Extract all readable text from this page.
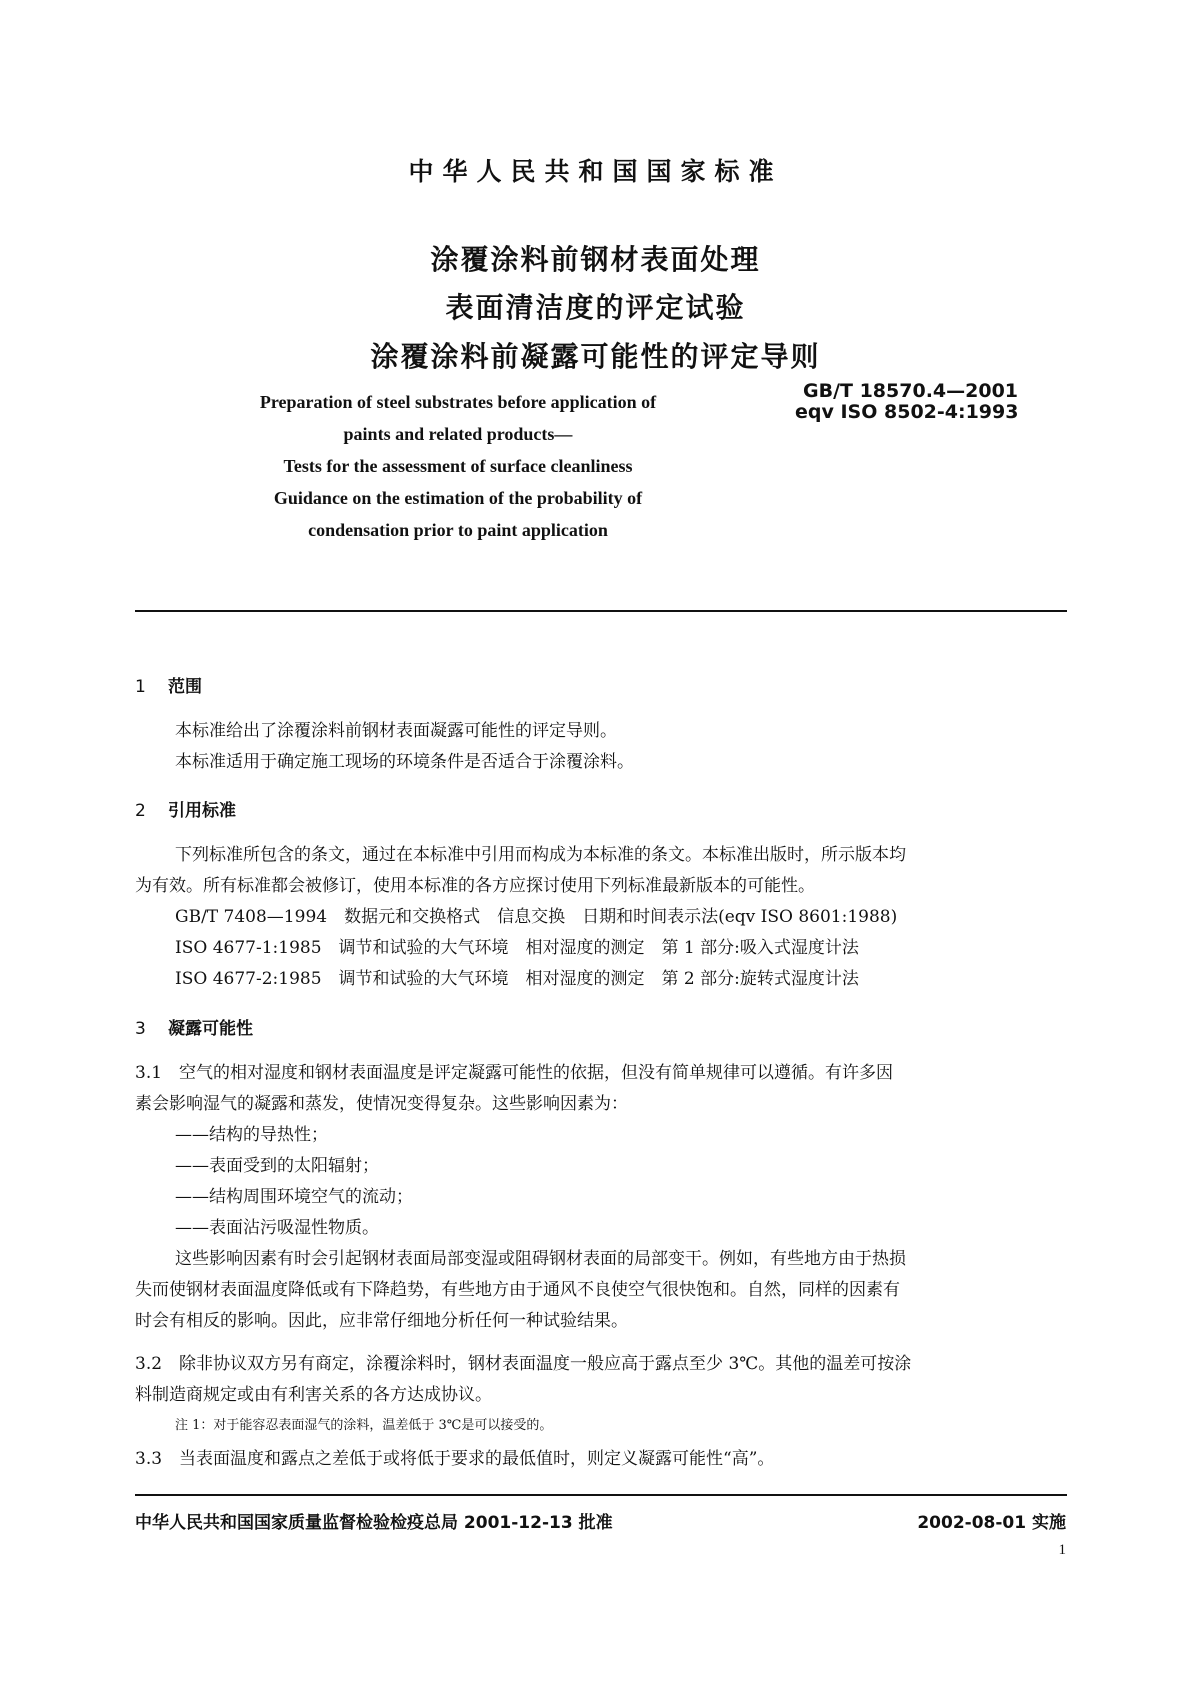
中华人民共和国国家标准
涂覆涂料前钢材表面处理
表面清洁度的评定试验
涂覆涂料前凝露可能性的评定导则
Preparation of steel substrates before application of
paints and related products—
Tests for the assessment of surface cleanliness
Guidance on the estimation of the probability of
condensation prior to paint application
GB/T 18570.4—2001
eqv ISO 8502-4:1993
1 范围
本标准给出了涂覆涂料前钢材表面凝露可能性的评定导则。
本标准适用于确定施工现场的环境条件是否适合于涂覆涂料。
2 引用标准
下列标准所包含的条文，通过在本标准中引用而构成为本标准的条文。本标准出版时，所示版本均
为有效。所有标准都会被修订，使用本标准的各方应探讨使用下列标准最新版本的可能性。
GB/T 7408—1994　数据元和交换格式　信息交换　日期和时间表示法(eqv ISO 8601:1988)
ISO 4677-1:1985　调节和试验的大气环境　相对湿度的测定　第 1 部分:吸入式湿度计法
ISO 4677-2:1985　调节和试验的大气环境　相对湿度的测定　第 2 部分:旋转式湿度计法
3 凝露可能性
3.1　空气的相对湿度和钢材表面温度是评定凝露可能性的依据，但没有简单规律可以遵循。有许多因
素会影响湿气的凝露和蒸发，使情况变得复杂。这些影响因素为：
——结构的导热性；
——表面受到的太阳辐射；
——结构周围环境空气的流动；
——表面沾污吸湿性物质。
这些影响因素有时会引起钢材表面局部变湿或阻碍钢材表面的局部变干。例如，有些地方由于热损
失而使钢材表面温度降低或有下降趋势，有些地方由于通风不良使空气很快饱和。自然，同样的因素有
时会有相反的影响。因此，应非常仔细地分析任何一种试验结果。
3.2　除非协议双方另有商定，涂覆涂料时，钢材表面温度一般应高于露点至少 3℃。其他的温差可按涂
料制造商规定或由有利害关系的各方达成协议。
注 1：对于能容忍表面湿气的涂料，温差低于 3℃是可以接受的。
3.3　当表面温度和露点之差低于或将低于要求的最低值时，则定义凝露可能性“高”。
中华人民共和国国家质量监督检验检疫总局 2001-12-13 批准	2002-08-01 实施
1
